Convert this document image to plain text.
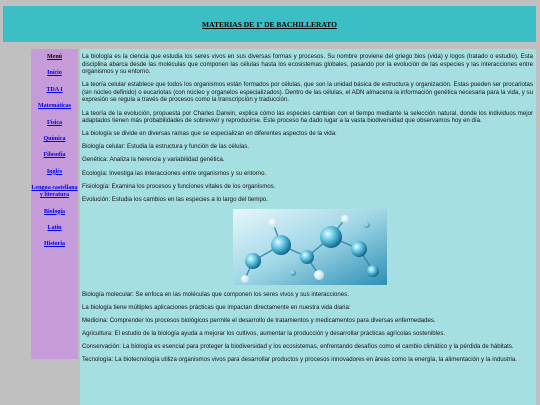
MATERIAS DE 1º DE BACHILLERATO
Menú
Inicio
TDA I
Matemáticas
Física
Química
Filosofía
Inglés
Lengua castellana y literatura
Biología
Latín
Historia

La biología es la ciencia que estudia los seres vivos en sus diversas formas y procesos. Su nombre proviene del griego bios (vida) y logos (tratado o estudio). Esta disciplina abarca desde las moléculas que componen las células hasta los ecosistemas globales, pasando por la evolución de las especies y las interacciones entre organismos y su entorno.

La teoría celular establece que todos los organismos están formados por células, que son la unidad básica de estructura y organización. Estas pueden ser procariotas (sin núcleo definido) o eucariotas (con núcleo y organelos especializados). Dentro de las células, el ADN almacena la información genética necesaria para la vida, y su expresión se regula a través de procesos como la transcripción y traducción.

La teoría de la evolución, propuesta por Charles Darwin, explica cómo las especies cambian con el tiempo mediante la selección natural, donde los individuos mejor adaptados tienen más probabilidades de sobrevivir y reproducirse. Este proceso ha dado lugar a la vasta biodiversidad que observamos hoy en día.

La biología se divide en diversas ramas que se especializan en diferentes aspectos de la vida:

Biología celular: Estudia la estructura y función de las células.

Genética: Analiza la herencia y variabilidad genética.

Ecología: Investiga las interacciones entre organismos y su entorno.

Fisiología: Examina los procesos y funciones vitales de los organismos.

Evolución: Estudia los cambios en las especies a lo largo del tiempo.

Biología molecular: Se enfoca en las moléculas que componen los seres vivos y sus interacciones.

La biología tiene múltiples aplicaciones prácticas que impactan directamente en nuestra vida diaria:

Medicina: Comprender los procesos biológicos permite el desarrollo de tratamientos y medicamentos para diversas enfermedades.

Agricultura: El estudio de la biología ayuda a mejorar los cultivos, aumentar la producción y desarrollar prácticas agrícolas sostenibles.

Conservación: La biología es esencial para proteger la biodiversidad y los ecosistemas, enfrentando desafíos como el cambio climático y la pérdida de hábitats.

Tecnología: La biotecnología utiliza organismos vivos para desarrollar productos y procesos innovadores en áreas como la energía, la alimentación y la industria.
